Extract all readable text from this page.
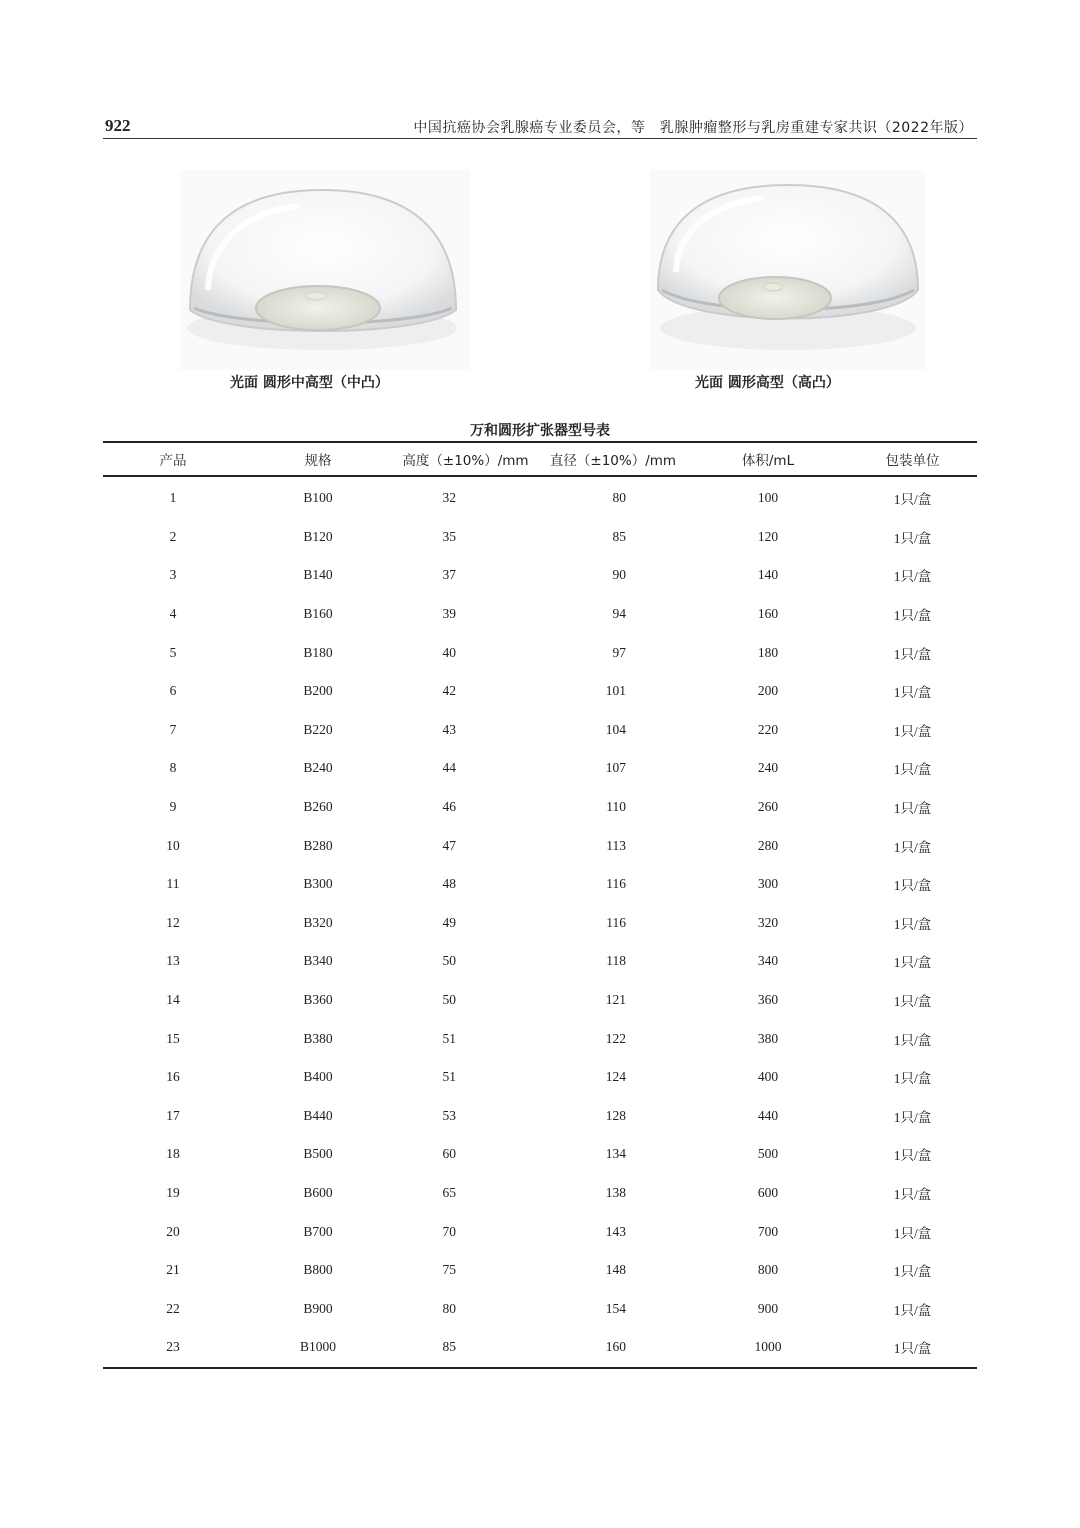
922	中国抗癌协会乳腺癌专业委员会，等　乳腺肿瘤整形与乳房重建专家共识（2022年版）
光面 圆形中高型（中凸）	光面 圆形高型（高凸）
万和圆形扩张器型号表
产品	规格	高度（±10%）/mm	直径（±10%）/mm	体积/mL	包装单位
1	B100	32	80	100	1只/盒
2	B120	35	85	120	1只/盒
3	B140	37	90	140	1只/盒
4	B160	39	94	160	1只/盒
5	B180	40	97	180	1只/盒
6	B200	42	101	200	1只/盒
7	B220	43	104	220	1只/盒
8	B240	44	107	240	1只/盒
9	B260	46	110	260	1只/盒
10	B280	47	113	280	1只/盒
11	B300	48	116	300	1只/盒
12	B320	49	116	320	1只/盒
13	B340	50	118	340	1只/盒
14	B360	50	121	360	1只/盒
15	B380	51	122	380	1只/盒
16	B400	51	124	400	1只/盒
17	B440	53	128	440	1只/盒
18	B500	60	134	500	1只/盒
19	B600	65	138	600	1只/盒
20	B700	70	143	700	1只/盒
21	B800	75	148	800	1只/盒
22	B900	80	154	900	1只/盒
23	B1000	85	160	1000	1只/盒
